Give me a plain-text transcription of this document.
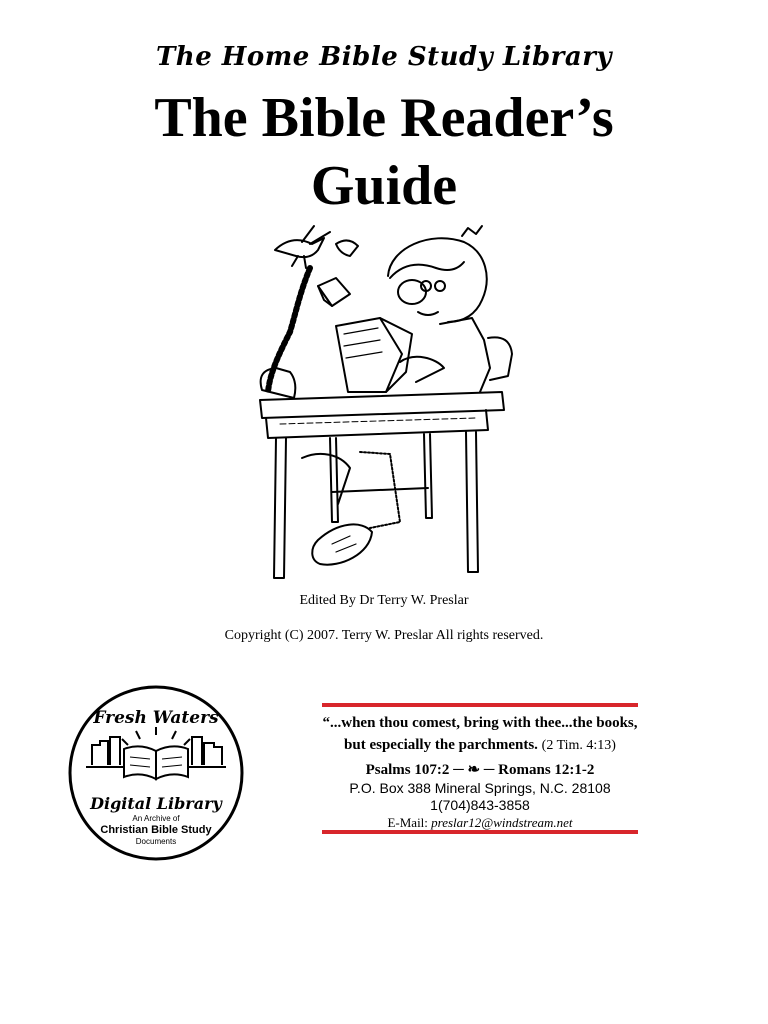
The Home Bible Study Library
The Bible Reader’s
Guide
Edited By Dr Terry W. Preslar
Copyright (C) 2007. Terry W. Preslar All rights reserved.
Fresh Waters
Digital Library
An Archive of
Christian Bible Study
Documents
“...when thou comest, bring with thee...the books,
but especially the parchments. (2 Tim. 4:13)
Psalms 107:2 ─ ❧ ─ Romans 12:1-2
P.O. Box 388 Mineral Springs, N.C. 28108
1(704)843-3858
E-Mail: preslar12@windstream.net
